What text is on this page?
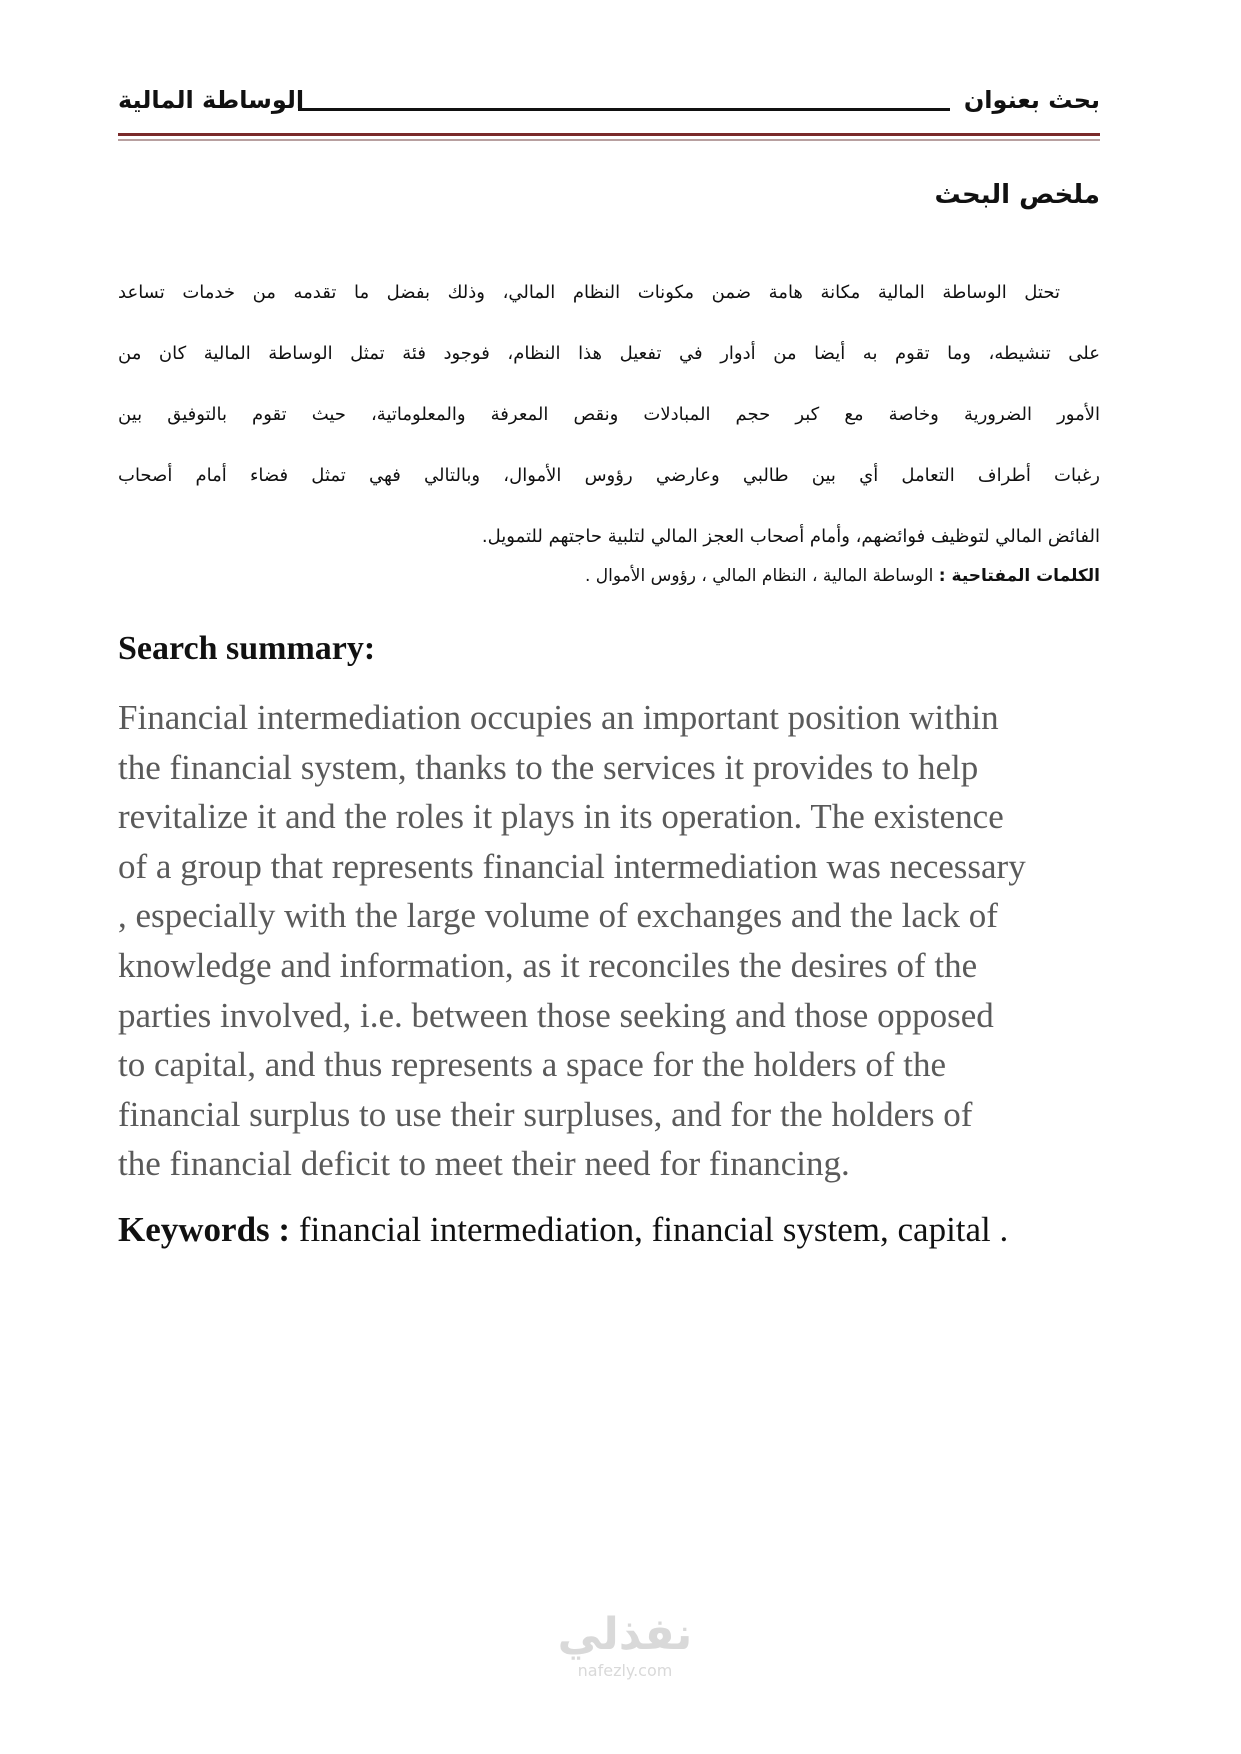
بحث بعنوان
الوساطة المالية
ملخص البحث
تحتل الوساطة المالية مكانة هامة ضمن مكونات النظام المالي، وذلك بفضل ما تقدمه من خدمات تساعد
على تنشيطه، وما تقوم به أيضا من أدوار في تفعيل هذا النظام، فوجود فئة تمثل الوساطة المالية كان من
الأمور الضرورية وخاصة مع كبر حجم المبادلات ونقص المعرفة والمعلوماتية، حيث تقوم بالتوفيق بين
رغبات أطراف التعامل أي بين طالبي وعارضي رؤوس الأموال، وبالتالي فهي تمثل فضاء أمام أصحاب
الفائض المالي لتوظيف فوائضهم، وأمام أصحاب العجز المالي لتلبية حاجتهم للتمويل.
الكلمات المفتاحية : الوساطة المالية ، النظام المالي ، رؤوس الأموال .
Search summary:
Financial intermediation occupies an important position within
the financial system, thanks to the services it provides to help
revitalize it and the roles it plays in its operation. The existence
of a group that represents financial intermediation was necessary
, especially with the large volume of exchanges and the lack of
knowledge and information, as it reconciles the desires of the
parties involved, i.e. between those seeking and those opposed
to capital, and thus represents a space for the holders of the
financial surplus to use their surpluses, and for the holders of
the financial deficit to meet their need for financing.
Keywords : financial intermediation, financial system, capital .
نفذلي
nafezly.com
